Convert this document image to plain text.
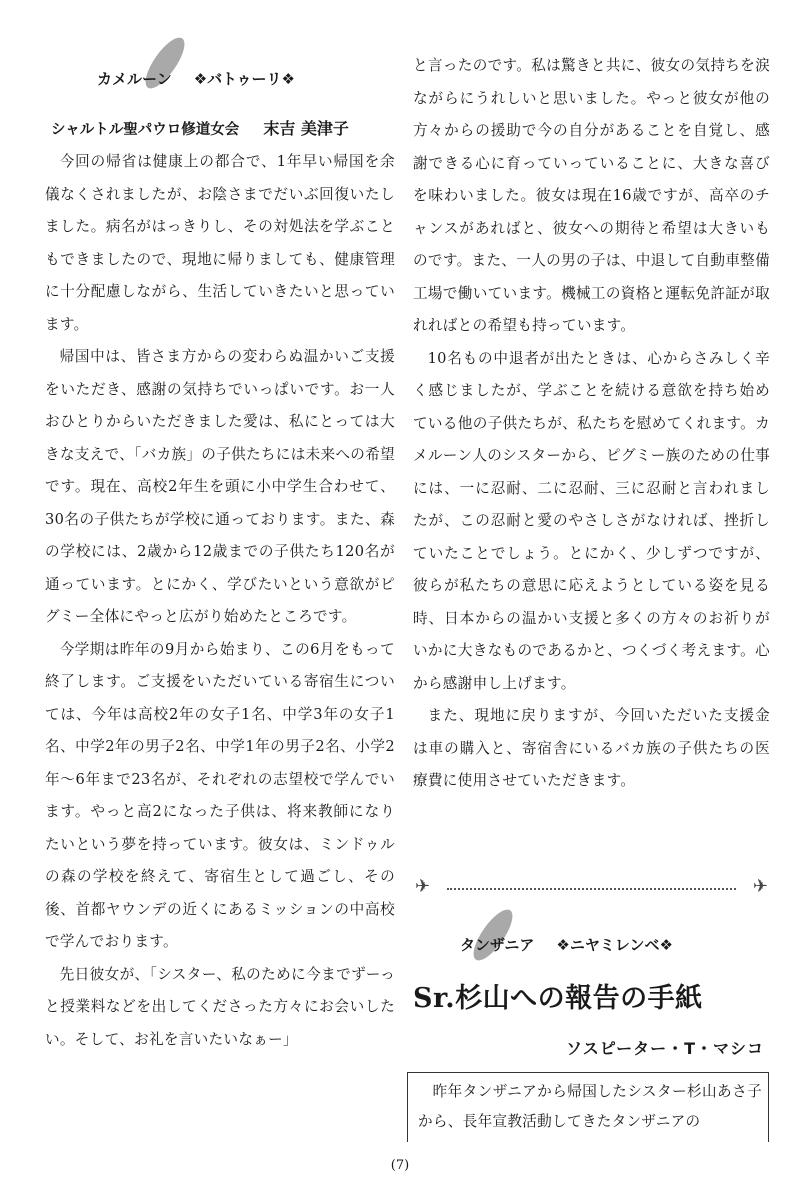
カメルーン ❖バトゥーリ❖
シャルトル聖パウロ修道女会 末吉 美津子

今回の帰省は健康上の都合で、1年早い帰国を余儀なくされましたが、お陰さまでだいぶ回復いたしました。病名がはっきりし、その対処法を学ぶこともできましたので、現地に帰りましても、健康管理に十分配慮しながら、生活していきたいと思っています。

帰国中は、皆さま方からの変わらぬ温かいご支援をいただき、感謝の気持ちでいっぱいです。お一人おひとりからいただきました愛は、私にとっては大きな支えで、「バカ族」の子供たちには未来への希望です。現在、高校2年生を頭に小中学生合わせて、30名の子供たちが学校に通っております。また、森の学校には、2歳から12歳までの子供たち120名が通っています。とにかく、学びたいという意欲がピグミー全体にやっと広がり始めたところです。

今学期は昨年の9月から始まり、この6月をもって終了します。ご支援をいただいている寄宿生については、今年は高校2年の女子1名、中学3年の女子1名、中学2年の男子2名、中学1年の男子2名、小学2年～6年まで23名が、それぞれの志望校で学んでいます。やっと高2になった子供は、将来教師になりたいという夢を持っています。彼女は、ミンドゥルの森の学校を終えて、寄宿生として過ごし、その後、首都ヤウンデの近くにあるミッションの中高校で学んでおります。

先日彼女が、「シスター、私のために今までずーっと授業料などを出してくださった方々にお会いしたい。そして、お礼を言いたいなぁー」

と言ったのです。私は驚きと共に、彼女の気持ちを涙ながらにうれしいと思いました。やっと彼女が他の方々からの援助で今の自分があることを自覚し、感謝できる心に育っていっていることに、大きな喜びを味わいました。彼女は現在16歳ですが、高卒のチャンスがあればと、彼女への期待と希望は大きいものです。また、一人の男の子は、中退して自動車整備工場で働いています。機械工の資格と運転免許証が取れればとの希望も持っています。

10名もの中退者が出たときは、心からさみしく辛く感じましたが、学ぶことを続ける意欲を持ち始めている他の子供たちが、私たちを慰めてくれます。カメルーン人のシスターから、ピグミー族のための仕事には、一に忍耐、二に忍耐、三に忍耐と言われましたが、この忍耐と愛のやさしさがなければ、挫折していたことでしょう。とにかく、少しずつですが、彼らが私たちの意思に応えようとしている姿を見る時、日本からの温かい支援と多くの方々のお祈りがいかに大きなものであるかと、つくづく考えます。心から感謝申し上げます。

また、現地に戻りますが、今回いただいた支援金は車の購入と、寄宿舎にいるバカ族の子供たちの医療費に使用させていただきます。

✈	✈
タンザニア ❖ニヤミレンベ❖
Sr.杉山への報告の手紙
ソスピーター・T・マシコ

昨年タンザニアから帰国したシスター杉山あさ子から、長年宣教活動してきたタンザニアの

(7)
